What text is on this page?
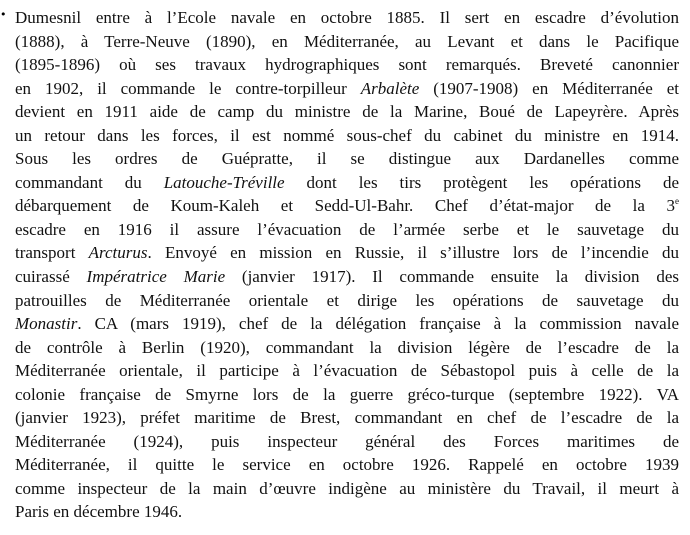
• Dumesnil entre à l’Ecole navale en octobre 1885. Il sert en escadre d’évolution
(1888), à Terre-Neuve (1890), en Méditerranée, au Levant et dans le Pacifique
(1895-1896) où ses travaux hydrographiques sont remarqués. Breveté canonnier
en 1902, il commande le contre-torpilleur Arbalète (1907-1908) en Méditerranée et
devient en 1911 aide de camp du ministre de la Marine, Boué de Lapeyrère. Après
un retour dans les forces, il est nommé sous-chef du cabinet du ministre en 1914.
Sous les ordres de Guépratte, il se distingue aux Dardanelles comme
commandant du Latouche-Tréville dont les tirs protègent les opérations de
débarquement de Koum-Kaleh et Sedd-Ul-Bahr. Chef d’état-major de la 3e
escadre en 1916 il assure l’évacuation de l’armée serbe et le sauvetage du
transport Arcturus. Envoyé en mission en Russie, il s’illustre lors de l’incendie du
cuirassé Impératrice Marie (janvier 1917). Il commande ensuite la division des
patrouilles de Méditerranée orientale et dirige les opérations de sauvetage du
Monastir. CA (mars 1919), chef de la délégation française à la commission navale
de contrôle à Berlin (1920), commandant la division légère de l’escadre de la
Méditerranée orientale, il participe à l’évacuation de Sébastopol puis à celle de la
colonie française de Smyrne lors de la guerre gréco-turque (septembre 1922). VA
(janvier 1923), préfet maritime de Brest, commandant en chef de l’escadre de la
Méditerranée (1924), puis inspecteur général des Forces maritimes de
Méditerranée, il quitte le service en octobre 1926. Rappelé en octobre 1939
comme inspecteur de la main d’œuvre indigène au ministère du Travail, il meurt à
Paris en décembre 1946.
